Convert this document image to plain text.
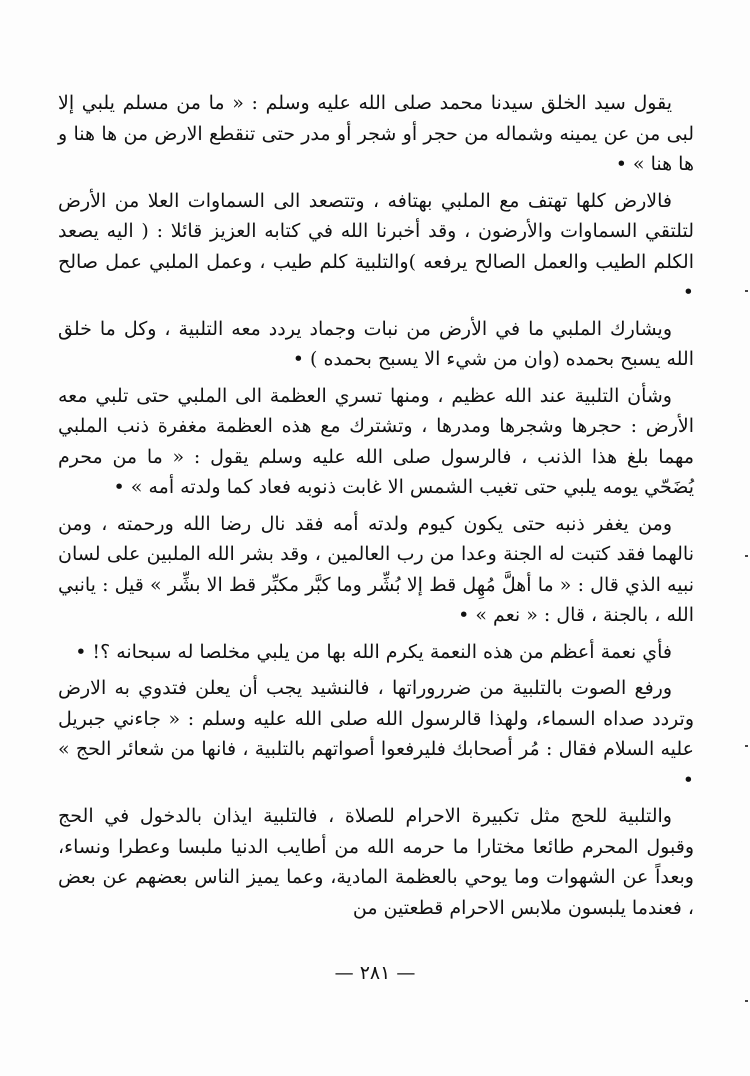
يقول سيد الخلق سيدنا محمد صلى الله عليه وسلم : « ما من مسلم يلبي إلا لبى من عن يمينه وشماله من حجر أو شجر أو مدر حتى تنقطع الارض من ها هنا و ها هنا » •

فالارض كلها تهتف مع الملبي بهتافه ، وتتصعد الى السماوات العلا من الأرض لتلتقي السماوات والأرضون ، وقد أخبرنا الله في كتابه العزيز قائلا : ( اليه يصعد الكلم الطيب والعمل الصالح يرفعه )والتلبية كلم طيب ، وعمل الملبي عمل صالح •

ويشارك الملبي ما في الأرض من نبات وجماد يردد معه التلبية ، وكل ما خلق الله يسبح بحمده (وان من شيء الا يسبح بحمده ) •

وشأن التلبية عند الله عظيم ، ومنها تسري العظمة الى الملبي حتى تلبي معه الأرض : حجرها وشجرها ومدرها ، وتشترك مع هذه العظمة مغفرة ذنب الملبي مهما بلغ هذا الذنب ، فالرسول صلى الله عليه وسلم يقول : « ما من محرم يُضَحّي يومه يلبي حتى تغيب الشمس الا غابت ذنوبه فعاد كما ولدته أمه » •

ومن يغفر ذنبه حتى يكون كيوم ولدته أمه فقد نال رضا الله ورحمته ، ومن نالهما فقد كتبت له الجنة وعدا من رب العالمين ، وقد بشر الله الملبين على لسان نبيه الذي قال : « ما أهلَّ مُهِل قط إلا بُشِّر وما كبَّر مكبِّر قط الا بشِّر » قيل : يانبي الله ، بالجنة ، قال : « نعم » •

فأي نعمة أعظم من هذه النعمة يكرم الله بها من يلبي مخلصا له سبحانه ؟! •

ورفع الصوت بالتلبية من ضرروراتها ، فالنشيد يجب أن يعلن فتدوي به الارض وتردد صداه السماء، ولهذا قالرسول الله صلى الله عليه وسلم : « جاءني جبريل عليه السلام فقال : مُر أصحابك فليرفعوا أصواتهم بالتلبية ، فانها من شعائر الحج » •

والتلبية للحج مثل تكبيرة الاحرام للصلاة ، فالتلبية ايذان بالدخول في الحج وقبول المحرم طائعا مختارا ما حرمه الله من أطايب الدنيا ملبسا وعطرا ونساء، وبعداً عن الشهوات وما يوحي بالعظمة المادية، وعما يميز الناس بعضهم عن بعض ، فعندما يلبسون ملابس الاحرام قطعتين من

— ٢٨١ —
